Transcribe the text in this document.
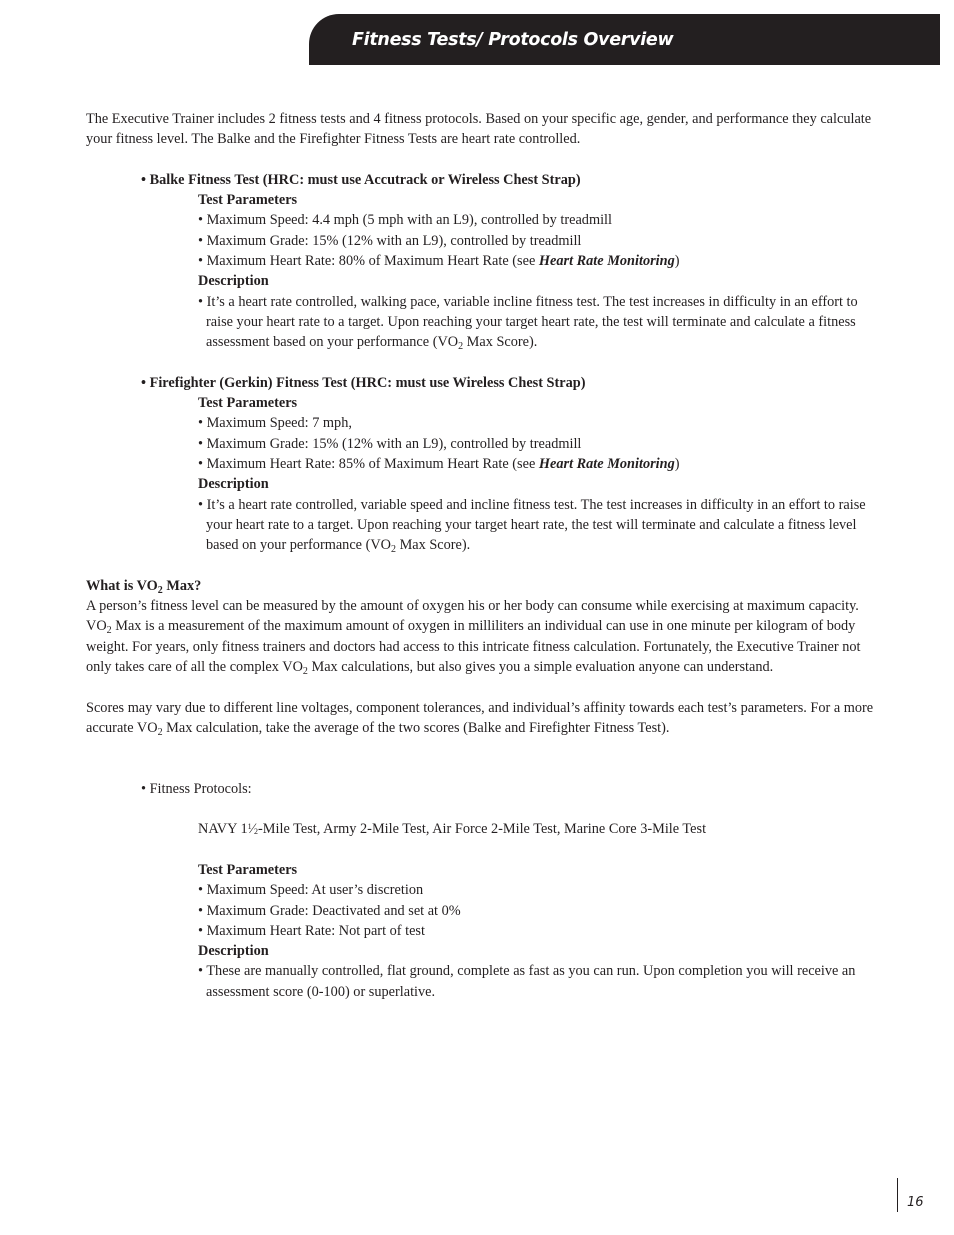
Fitness Tests/ Protocols Overview

The Executive Trainer includes 2 fitness tests and 4 fitness protocols. Based on your specific age, gender, and performance they calculate your fitness level. The Balke and the Firefighter Fitness Tests are heart rate controlled.

• Balke Fitness Test (HRC: must use Accutrack or Wireless Chest Strap)

Test Parameters

• Maximum Speed: 4.4 mph (5 mph with an L9), controlled by treadmill

• Maximum Grade: 15% (12% with an L9), controlled by treadmill

• Maximum Heart Rate: 80% of Maximum Heart Rate (see Heart Rate Monitoring)

Description

• It’s a heart rate controlled, walking pace, variable incline fitness test. The test increases in difficulty in an effort to raise your heart rate to a target. Upon reaching your target heart rate, the test will terminate and calculate a fitness assessment based on your performance ($VO_2$ Max Score).

• Firefighter (Gerkin) Fitness Test (HRC: must use Wireless Chest Strap)

Test Parameters

• Maximum Speed: 7 mph,

• Maximum Grade: 15% (12% with an L9), controlled by treadmill

• Maximum Heart Rate: 85% of Maximum Heart Rate (see Heart Rate Monitoring)

Description

• It’s a heart rate controlled, variable speed and incline fitness test. The test increases in difficulty in an effort to raise your heart rate to a target. Upon reaching your target heart rate, the test will terminate and calculate a fitness level based on your performance ($VO_2$ Max Score).

What is $VO_2$ Max?

A person’s fitness level can be measured by the amount of oxygen his or her body can consume while exercising at maximum capacity. $VO_2$ Max is a measurement of the maximum amount of oxygen in milliliters an individual can use in one minute per kilogram of body weight. For years, only fitness trainers and doctors had access to this intricate fitness calculation. Fortunately, the Executive Trainer not only takes care of all the complex $VO_2$ Max calculations, but also gives you a simple evaluation anyone can understand.

Scores may vary due to different line voltages, component tolerances, and individual’s affinity towards each test’s parameters. For a more accurate $VO_2$ Max calculation, take the average of the two scores (Balke and Firefighter Fitness Test).

• Fitness Protocols:

NAVY $1^1⁄2$-Mile Test, Army 2-Mile Test, Air Force 2-Mile Test, Marine Core 3-Mile Test

Test Parameters

• Maximum Speed: At user’s discretion

• Maximum Grade: Deactivated and set at 0%

• Maximum Heart Rate: Not part of test

Description

• These are manually controlled, flat ground, complete as fast as you can run. Upon completion you will receive an assessment score (0-100) or superlative.

16
